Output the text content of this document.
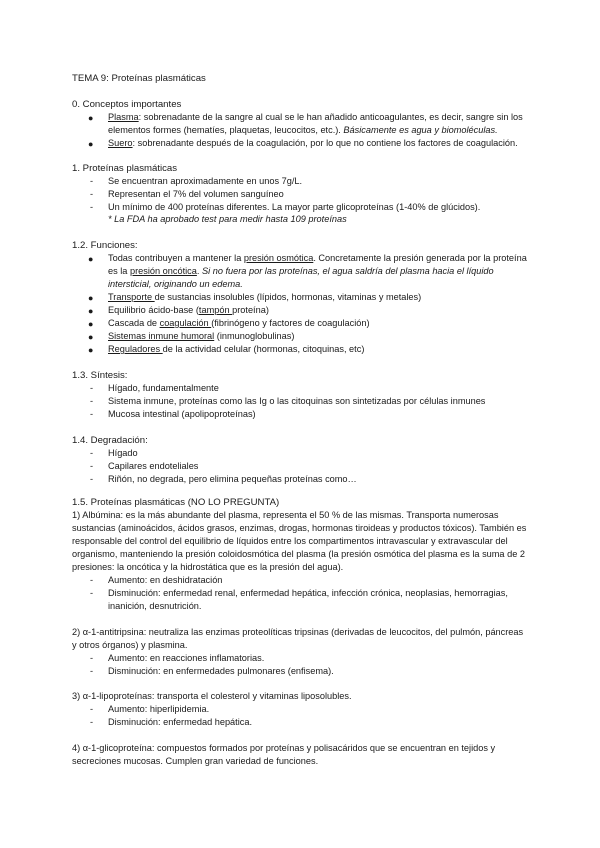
TEMA 9: Proteínas plasmáticas
0. Conceptos importantes
● Plasma: sobrenadante de la sangre al cual se le han añadido anticoagulantes, es decir, sangre sin los
elementos formes (hematíes, plaquetas, leucocitos, etc.). Básicamente es agua y biomoléculas.
● Suero: sobrenadante después de la coagulación, por lo que no contiene los factores de coagulación.
1. Proteínas plasmáticas
- Se encuentran aproximadamente en unos 7g/L.
- Representan el 7% del volumen sanguíneo
- Un mínimo de 400 proteínas diferentes. La mayor parte glicoproteínas (1-40% de glúcidos).
* La FDA ha aprobado test para medir hasta 109 proteínas
1.2. Funciones:
● Todas contribuyen a mantener la presión osmótica. Concretamente la presión generada por la proteína
es la presión oncótica. Si no fuera por las proteínas, el agua saldría del plasma hacia el líquido
intersticial, originando un edema.
● Transporte de sustancias insolubles (lípidos, hormonas, vitaminas y metales)
● Equilibrio ácido-base (tampón proteína)
● Cascada de coagulación (fibrinógeno y factores de coagulación)
● Sistemas inmune humoral (inmunoglobulinas)
● Reguladores de la actividad celular (hormonas, citoquinas, etc)
1.3. Síntesis:
- Hígado, fundamentalmente
- Sistema inmune, proteínas como las Ig o las citoquinas son sintetizadas por células inmunes
- Mucosa intestinal (apolipoproteínas)
1.4. Degradación:
- Hígado
- Capilares endoteliales
- Riñón, no degrada, pero elimina pequeñas proteínas como…
1.5. Proteínas plasmáticas (NO LO PREGUNTA)
1) Albúmina: es la más abundante del plasma, representa el 50 % de las mismas. Transporta numerosas
sustancias (aminoácidos, ácidos grasos, enzimas, drogas, hormonas tiroideas y productos tóxicos). También es
responsable del control del equilibrio de líquidos entre los compartimentos intravascular y extravascular del
organismo, manteniendo la presión coloidosmótica del plasma (la presión osmótica del plasma es la suma de 2
presiones: la oncótica y la hidrostática que es la presión del agua).
- Aumento: en deshidratación
- Disminución: enfermedad renal, enfermedad hepática, infección crónica, neoplasias, hemorragias,
inanición, desnutrición.
2) α-1-antitripsina: neutraliza las enzimas proteolíticas tripsinas (derivadas de leucocitos, del pulmón, páncreas
y otros órganos) y plasmina.
- Aumento: en reacciones inflamatorias.
- Disminución: en enfermedades pulmonares (enfisema).
3) α-1-lipoproteínas: transporta el colesterol y vitaminas liposolubles.
- Aumento: hiperlipidemia.
- Disminución: enfermedad hepática.
4) α-1-glicoproteína: compuestos formados por proteínas y polisacáridos que se encuentran en tejidos y
secreciones mucosas. Cumplen gran variedad de funciones.
